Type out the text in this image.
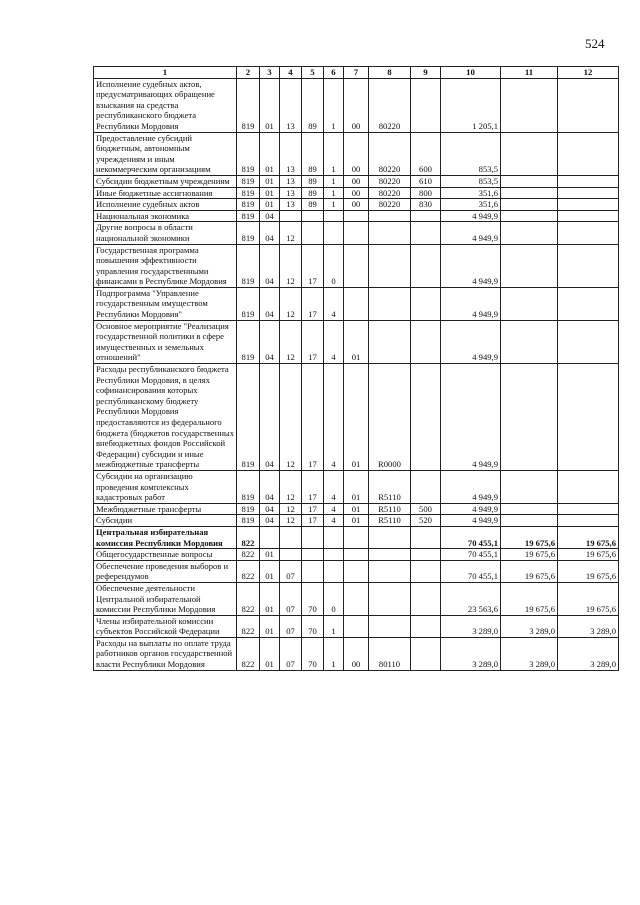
524
1	2	3	4	5	6	7	8	9	10	11	12
Исполнение судебных актов, предусматривающих обращение взыскания на средства республиканского бюджета Республики Мордовия	819	01	13	89	1	00	80220		1 205,1		
Предоставление субсидий бюджетным, автономным учреждениям и иным некоммерческим организациям	819	01	13	89	1	00	80220	600	853,5		
Субсидии бюджетным учреждениям	819	01	13	89	1	00	80220	610	853,5		
Иные бюджетные ассигнования	819	01	13	89	1	00	80220	800	351,6		
Исполнение судебных актов	819	01	13	89	1	00	80220	830	351,6		
Национальная экономика	819	04							4 949,9		
Другие вопросы в области национальной экономики	819	04	12						4 949,9		
Государственная программа повышения эффективности управления государственными финансами в Республике Мордовия	819	04	12	17	0				4 949,9		
Подпрограмма "Управление государственным имуществом Республики Мордовия"	819	04	12	17	4				4 949,9		
Основное мероприятие "Реализация государственной политики в сфере имущественных и земельных отношений"	819	04	12	17	4	01			4 949,9		
Расходы республиканского бюджета Республики Мордовия, в целях софинансирования которых республиканскому бюджету Республики Мордовия предоставляются из федерального бюджета (бюджетов государственных внебюджетных фондов Российской Федерации) субсидии и иные межбюджетные трансферты	819	04	12	17	4	01	R0000		4 949,9		
Субсидии на организацию проведения комплексных кадастровых работ	819	04	12	17	4	01	R5110		4 949,9		
Межбюджетные трансферты	819	04	12	17	4	01	R5110	500	4 949,9		
Субсидии	819	04	12	17	4	01	R5110	520	4 949,9		
Центральная избирательная комиссия Республики Мордовия	822								70 455,1	19 675,6	19 675,6
Общегосударственные вопросы	822	01							70 455,1	19 675,6	19 675,6
Обеспечение проведения выборов и референдумов	822	01	07						70 455,1	19 675,6	19 675,6
Обеспечение деятельности Центральной избирательной комиссии Республики Мордовия	822	01	07	70	0				23 563,6	19 675,6	19 675,6
Члены избирательной комиссии субъектов Российской Федерации	822	01	07	70	1				3 289,0	3 289,0	3 289,0
Расходы на выплаты по оплате труда работников органов государственной власти Республики Мордовия	822	01	07	70	1	00	80110		3 289,0	3 289,0	3 289,0
